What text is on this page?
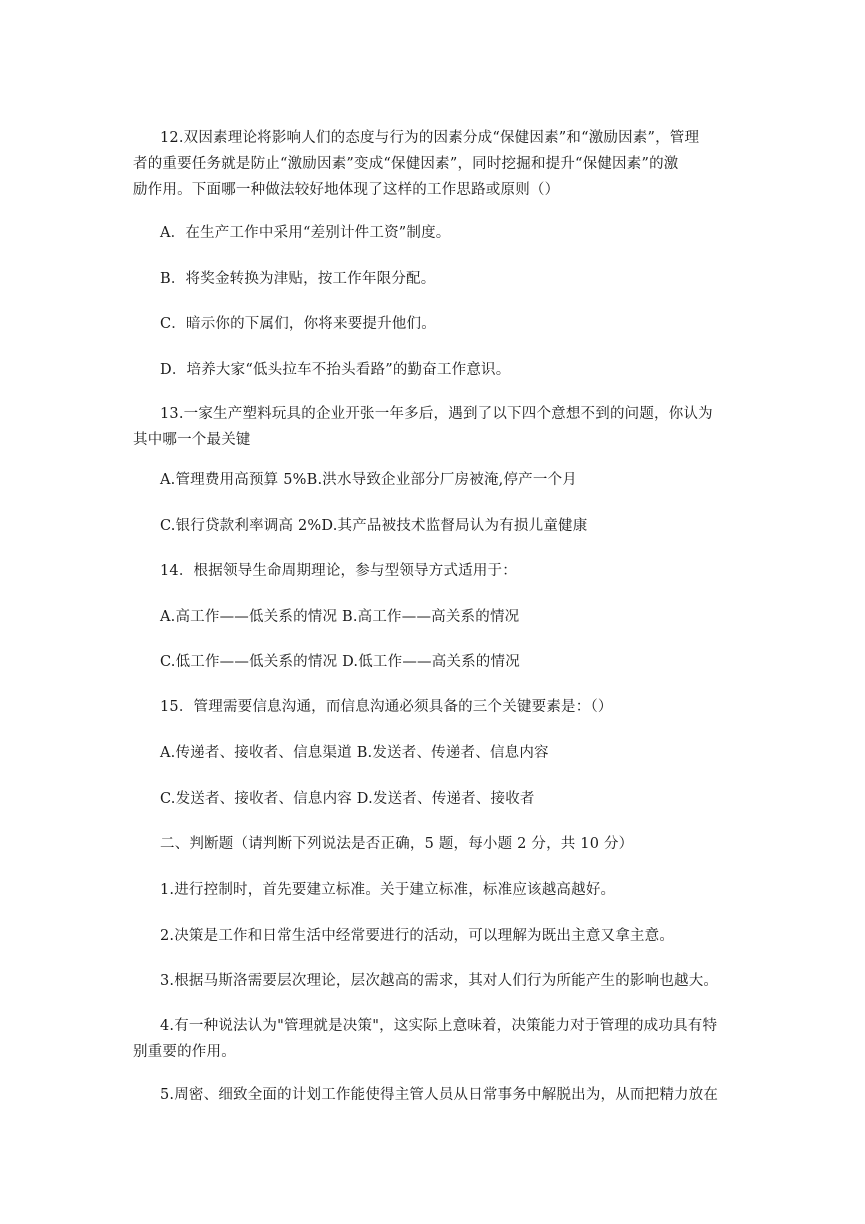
12.双因素理论将影响人们的态度与行为的因素分成“保健因素”和“激励因素”，管理
者的重要任务就是防止“激励因素”变成“保健因素”，同时挖掘和提升“保健因素”的激
励作用。下面哪一种做法较好地体现了这样的工作思路或原则（）
A．在生产工作中采用“差别计件工资”制度。
B．将奖金转换为津贴，按工作年限分配。
C．暗示你的下属们，你将来要提升他们。
D．培养大家“低头拉车不抬头看路”的勤奋工作意识。
13.一家生产塑料玩具的企业开张一年多后，遇到了以下四个意想不到的问题，你认为
其中哪一个最关键
A.管理费用高预算 5%B.洪水导致企业部分厂房被淹,停产一个月
C.银行贷款利率调高 2%D.其产品被技术监督局认为有损儿童健康
14．根据领导生命周期理论，参与型领导方式适用于：
A.高工作——低关系的情况 B.高工作——高关系的情况
C.低工作——低关系的情况 D.低工作——高关系的情况
15．管理需要信息沟通，而信息沟通必须具备的三个关键要素是：（）
A.传递者、接收者、信息渠道 B.发送者、传递者、信息内容
C.发送者、接收者、信息内容 D.发送者、传递者、接收者
二、判断题（请判断下列说法是否正确，5 题，每小题 2 分，共 10 分）
1.进行控制时，首先要建立标准。关于建立标准，标准应该越高越好。
2.决策是工作和日常生活中经常要进行的活动，可以理解为既出主意又拿主意。
3.根据马斯洛需要层次理论，层次越高的需求，其对人们行为所能产生的影响也越大。
4.有一种说法认为"管理就是决策"，这实际上意味着，决策能力对于管理的成功具有特
别重要的作用。
5.周密、细致全面的计划工作能使得主管人员从日常事务中解脱出为，从而把精力放在
